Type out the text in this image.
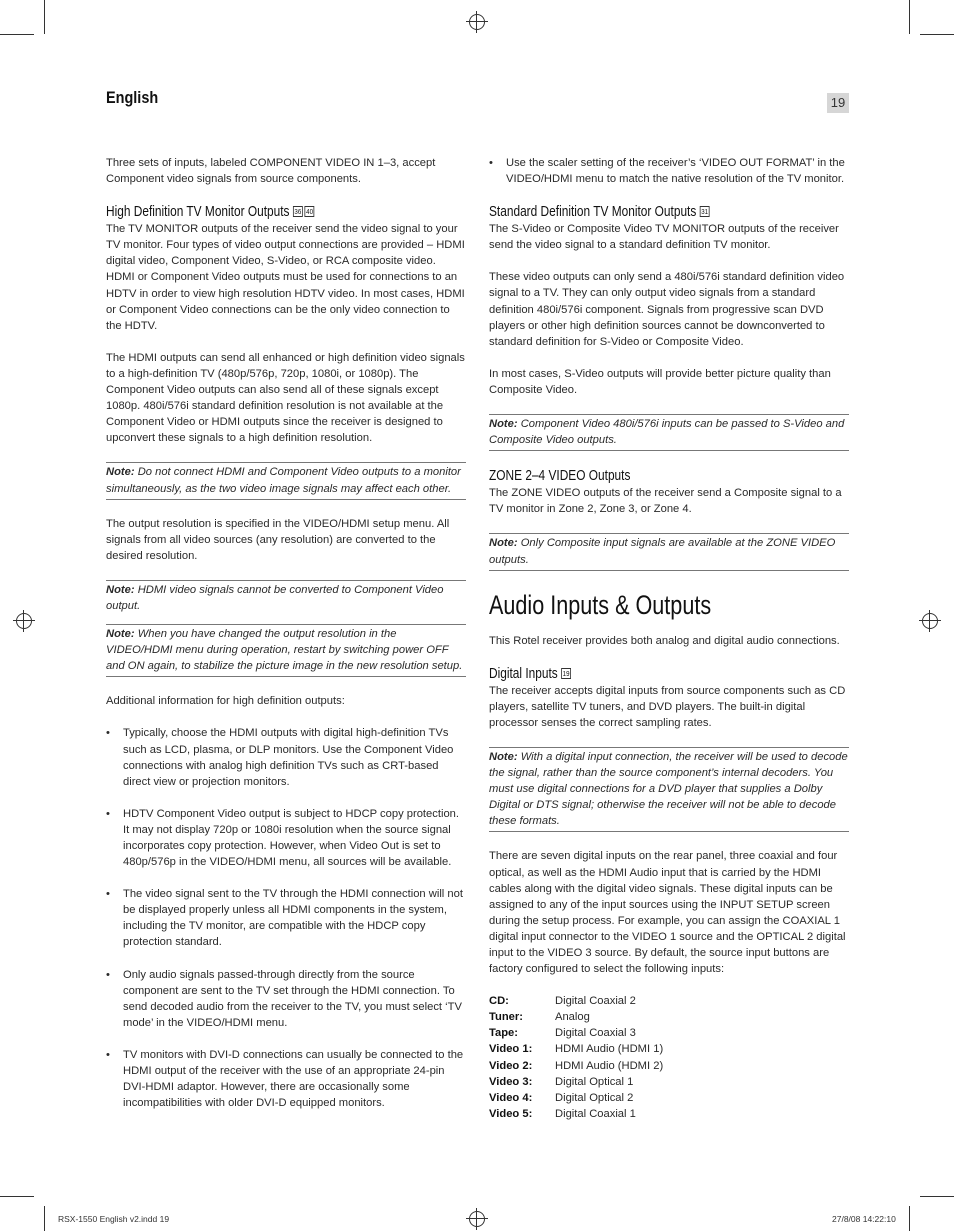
English	19

Three sets of inputs, labeled COMPONENT VIDEO IN 1–3, accept Component video signals from source components.

High Definition TV Monitor Outputs 36 40

The TV MONITOR outputs of the receiver send the video signal to your TV monitor. Four types of video output connections are provided – HDMI digital video, Component Video, S-Video, or RCA composite video. HDMI or Component Video outputs must be used for connections to an HDTV in order to view high resolution HDTV video. In most cases, HDMI or Component Video connections can be the only video connection to the HDTV.

The HDMI outputs can send all enhanced or high definition video signals to a high-definition TV (480p/576p, 720p, 1080i, or 1080p). The Component Video outputs can also send all of these signals except 1080p. 480i/576i standard definition resolution is not available at the Component Video or HDMI outputs since the receiver is designed to upconvert these signals to a high definition resolution.

Note: Do not connect HDMI and Component Video outputs to a monitor simultaneously, as the two video image signals may affect each other.

The output resolution is specified in the VIDEO/HDMI setup menu. All signals from all video sources (any resolution) are converted to the desired resolution.

Note: HDMI video signals cannot be converted to Component Video output.
Note: When you have changed the output resolution in the VIDEO/HDMI menu during operation, restart by switching power OFF and ON again, to stabilize the picture image in the new resolution setup.

Additional information for high definition outputs:

• Typically, choose the HDMI outputs with digital high-definition TVs such as LCD, plasma, or DLP monitors. Use the Component Video connections with analog high definition TVs such as CRT-based direct view or projection monitors.
• HDTV Component Video output is subject to HDCP copy protection. It may not display 720p or 1080i resolution when the source signal incorporates copy protection. However, when Video Out is set to 480p/576p in the VIDEO/HDMI menu, all sources will be available.
• The video signal sent to the TV through the HDMI connection will not be displayed properly unless all HDMI components in the system, including the TV monitor, are compatible with the HDCP copy protection standard.
• Only audio signals passed-through directly from the source component are sent to the TV set through the HDMI connection. To send decoded audio from the receiver to the TV, you must select ‘TV mode’ in the VIDEO/HDMI menu.
• TV monitors with DVI-D connections can usually be connected to the HDMI output of the receiver with the use of an appropriate 24-pin DVI-HDMI adaptor. However, there are occasionally some incompatibilities with older DVI-D equipped monitors.
• Use the scaler setting of the receiver’s ‘VIDEO OUT FORMAT’ in the VIDEO/HDMI menu to match the native resolution of the TV monitor.
Standard Definition TV Monitor Outputs 31

The S-Video or Composite Video TV MONITOR outputs of the receiver send the video signal to a standard definition TV monitor.

These video outputs can only send a 480i/576i standard definition video signal to a TV. They can only output video signals from a standard definition 480i/576i component. Signals from progressive scan DVD players or other high definition sources cannot be downconverted to standard definition for S-Video or Composite Video.

In most cases, S-Video outputs will provide better picture quality than Composite Video.

Note: Component Video 480i/576i inputs can be passed to S-Video and Composite Video outputs.
ZONE 2–4 VIDEO Outputs

The ZONE VIDEO outputs of the receiver send a Composite signal to a TV monitor in Zone 2, Zone 3, or Zone 4.

Note: Only Composite input signals are available at the ZONE VIDEO outputs.
Audio Inputs & Outputs

This Rotel receiver provides both analog and digital audio connections.

Digital Inputs 19

The receiver accepts digital inputs from source components such as CD players, satellite TV tuners, and DVD players. The built-in digital processor senses the correct sampling rates.

Note: With a digital input connection, the receiver will be used to decode the signal, rather than the source component’s internal decoders. You must use digital connections for a DVD player that supplies a Dolby Digital or DTS signal; otherwise the receiver will not be able to decode these formats.

There are seven digital inputs on the rear panel, three coaxial and four optical, as well as the HDMI Audio input that is carried by the HDMI cables along with the digital video signals. These digital inputs can be assigned to any of the input sources using the INPUT SETUP screen during the setup process. For example, you can assign the COAXIAL 1 digital input connector to the VIDEO 1 source and the OPTICAL 2 digital input to the VIDEO 3 source. By default, the source input buttons are factory configured to select the following inputs:

CD:	Digital Coaxial 2
Tuner:	Analog
Tape:	Digital Coaxial 3
Video 1:	HDMI Audio (HDMI 1)
Video 2:	HDMI Audio (HDMI 2)
Video 3:	Digital Optical 1
Video 4:	Digital Optical 2
Video 5:	Digital Coaxial 1
RSX-1550 English v2.indd 19	27/8/08 14:22:10
